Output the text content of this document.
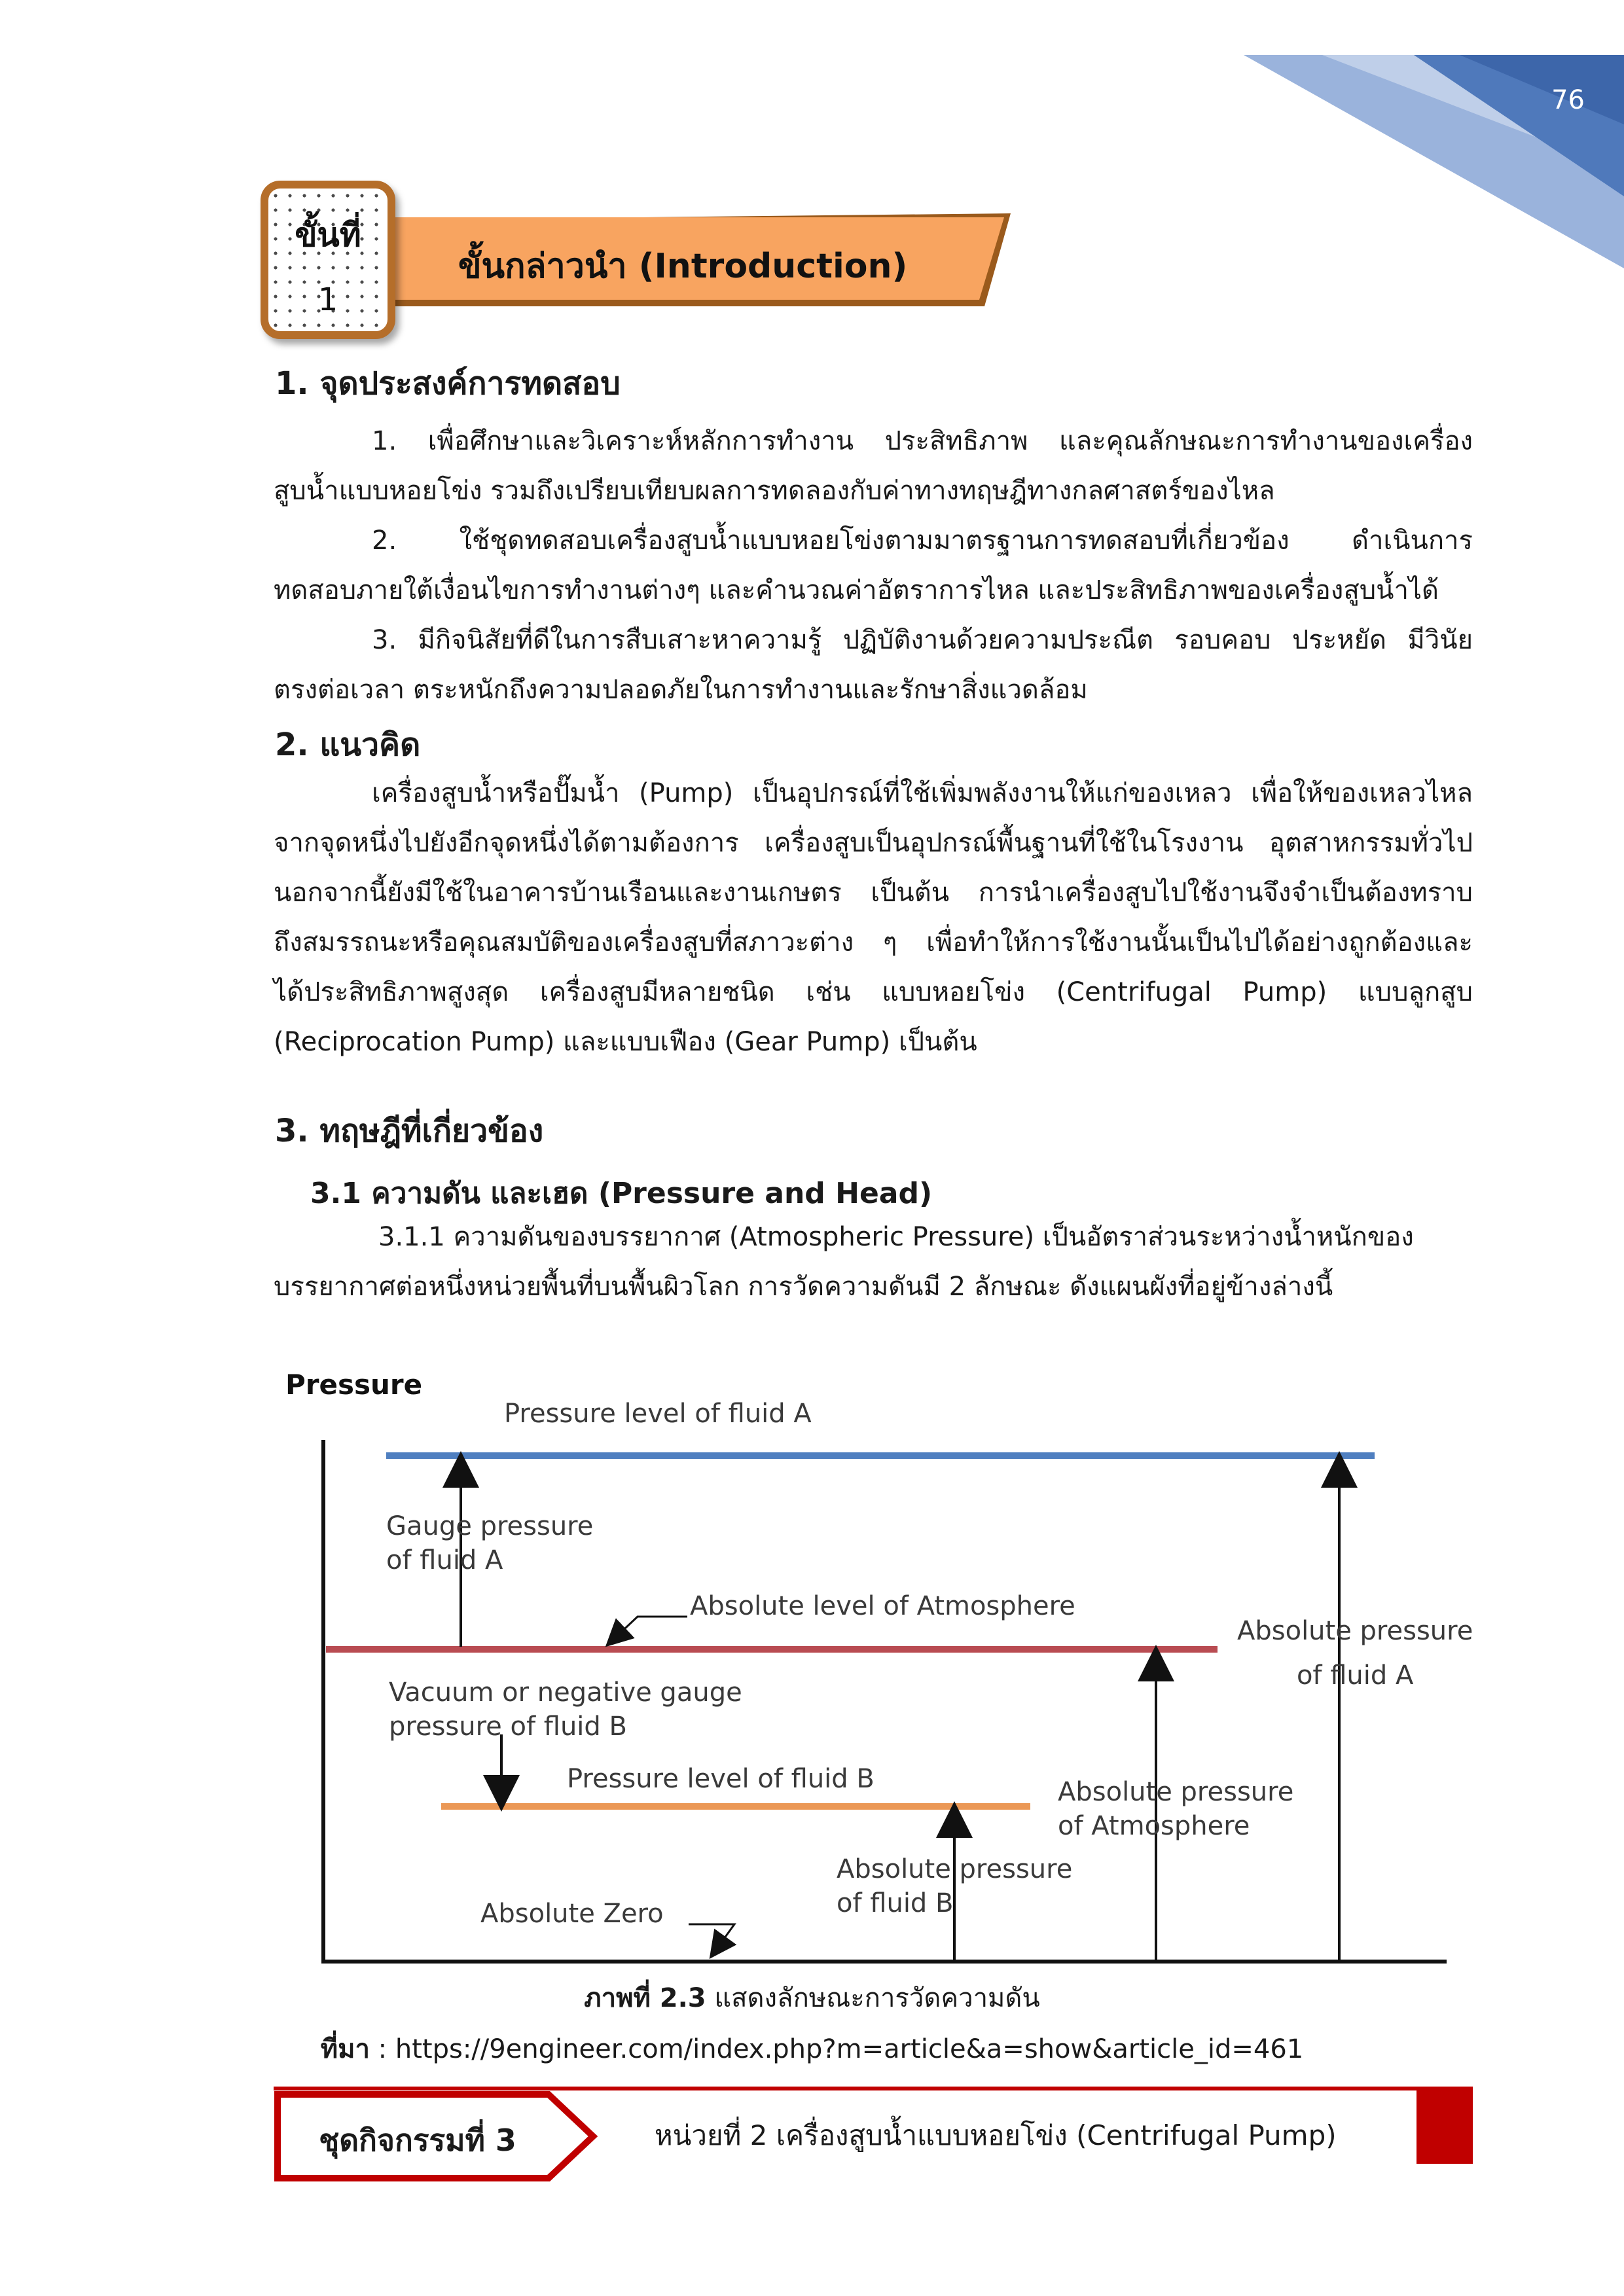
76
ขั้นที่
1
ขั้นกล่าวนำ (Introduction)
1. จุดประสงค์การทดสอบ
1. เพื่อศึกษาและวิเคราะห์หลักการทำงาน ประสิทธิภาพ และคุณลักษณะการทำงานของเครื่อง
สูบน้ำแบบหอยโข่ง รวมถึงเปรียบเทียบผลการทดลองกับค่าทางทฤษฎีทางกลศาสตร์ของไหล
2. ใช้ชุดทดสอบเครื่องสูบน้ำแบบหอยโข่งตามมาตรฐานการทดสอบที่เกี่ยวข้อง ดำเนินการ
ทดสอบภายใต้เงื่อนไขการทำงานต่างๆ และคำนวณค่าอัตราการไหล และประสิทธิภาพของเครื่องสูบน้ำได้
3. มีกิจนิสัยที่ดีในการสืบเสาะหาความรู้ ปฏิบัติงานด้วยความประณีต รอบคอบ ประหยัด มีวินัย
ตรงต่อเวลา ตระหนักถึงความปลอดภัยในการทำงานและรักษาสิ่งแวดล้อม
2. แนวคิด
เครื่องสูบน้ำหรือปั๊มน้ำ (Pump) เป็นอุปกรณ์ที่ใช้เพิ่มพลังงานให้แก่ของเหลว เพื่อให้ของเหลวไหล
จากจุดหนึ่งไปยังอีกจุดหนึ่งได้ตามต้องการ เครื่องสูบเป็นอุปกรณ์พื้นฐานที่ใช้ในโรงงาน อุตสาหกรรมทั่วไป
นอกจากนี้ยังมีใช้ในอาคารบ้านเรือนและงานเกษตร เป็นต้น การนำเครื่องสูบไปใช้งานจึงจำเป็นต้องทราบ
ถึงสมรรถนะหรือคุณสมบัติของเครื่องสูบที่สภาวะต่าง ๆ เพื่อทำให้การใช้งานนั้นเป็นไปได้อย่างถูกต้องและ
ได้ประสิทธิภาพสูงสุด เครื่องสูบมีหลายชนิด เช่น แบบหอยโข่ง (Centrifugal Pump) แบบลูกสูบ
(Reciprocation Pump) และแบบเฟือง (Gear Pump) เป็นต้น
3. ทฤษฎีที่เกี่ยวข้อง
3.1 ความดัน และเฮด (Pressure and Head)
3.1.1 ความดันของบรรยากาศ (Atmospheric Pressure) เป็นอัตราส่วนระหว่างน้ำหนักของ
บรรยากาศต่อหนึ่งหน่วยพื้นที่บนพื้นผิวโลก การวัดความดันมี 2 ลักษณะ ดังแผนผังที่อยู่ข้างล่างนี้
Pressure
Pressure level of fluid A
Gauge pressure
of fluid A
Absolute level of Atmosphere
Absolute pressure
of fluid A
Vacuum or negative gauge
pressure of fluid B
Pressure level of fluid B	Absolute pressure
of Atmosphere
Absolute pressure
of fluid B
Absolute Zero
ภาพที่ 2.3 แสดงลักษณะการวัดความดัน
ที่มา : https://9engineer.com/index.php?m=article&a=show&article_id=461
ชุดกิจกรรมที่ 3	หน่วยที่ 2 เครื่องสูบน้ำแบบหอยโข่ง (Centrifugal Pump)
